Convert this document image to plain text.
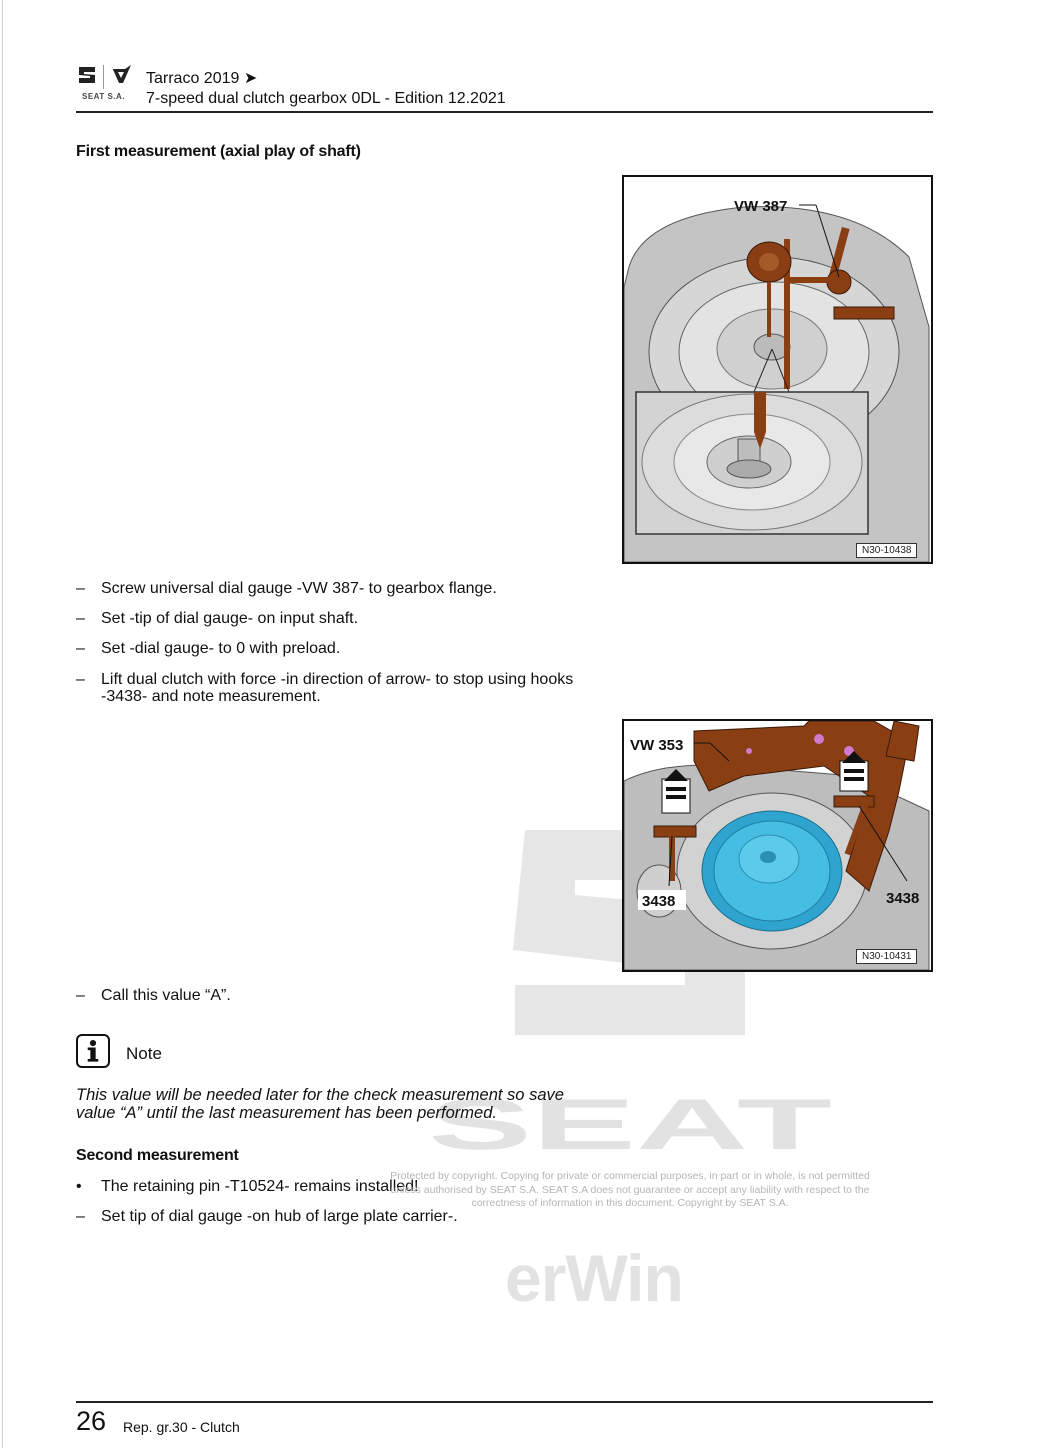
SEAT
erWin
SEAT S.A.
Tarraco 2019 ➤
7-speed dual clutch gearbox 0DL - Edition 12.2021
First measurement (axial play of shaft)
VW 387
N30-10438
–	Screw universal dial gauge -VW 387- to gearbox flange.
–	Set -tip of dial gauge- on input shaft.
–	Set -dial gauge- to 0 with preload.
–	Lift dual clutch with force -in direction of arrow- to stop using hooks -3438- and note measurement.
VW 353
3438	3438
N30-10431
–	Call this value “A”.
Note
This value will be needed later for the check measurement so save value “A” until the last measurement has been performed.
Second measurement
•	The retaining pin -T10524- remains installed!
–	Set tip of dial gauge -on hub of large plate carrier-.
Protected by copyright. Copying for private or commercial purposes, in part or in whole, is not permitted unless authorised by SEAT S.A. SEAT S.A does not guarantee or accept any liability with respect to the correctness of information in this document. Copyright by SEAT S.A.
26 Rep. gr.30 - Clutch
